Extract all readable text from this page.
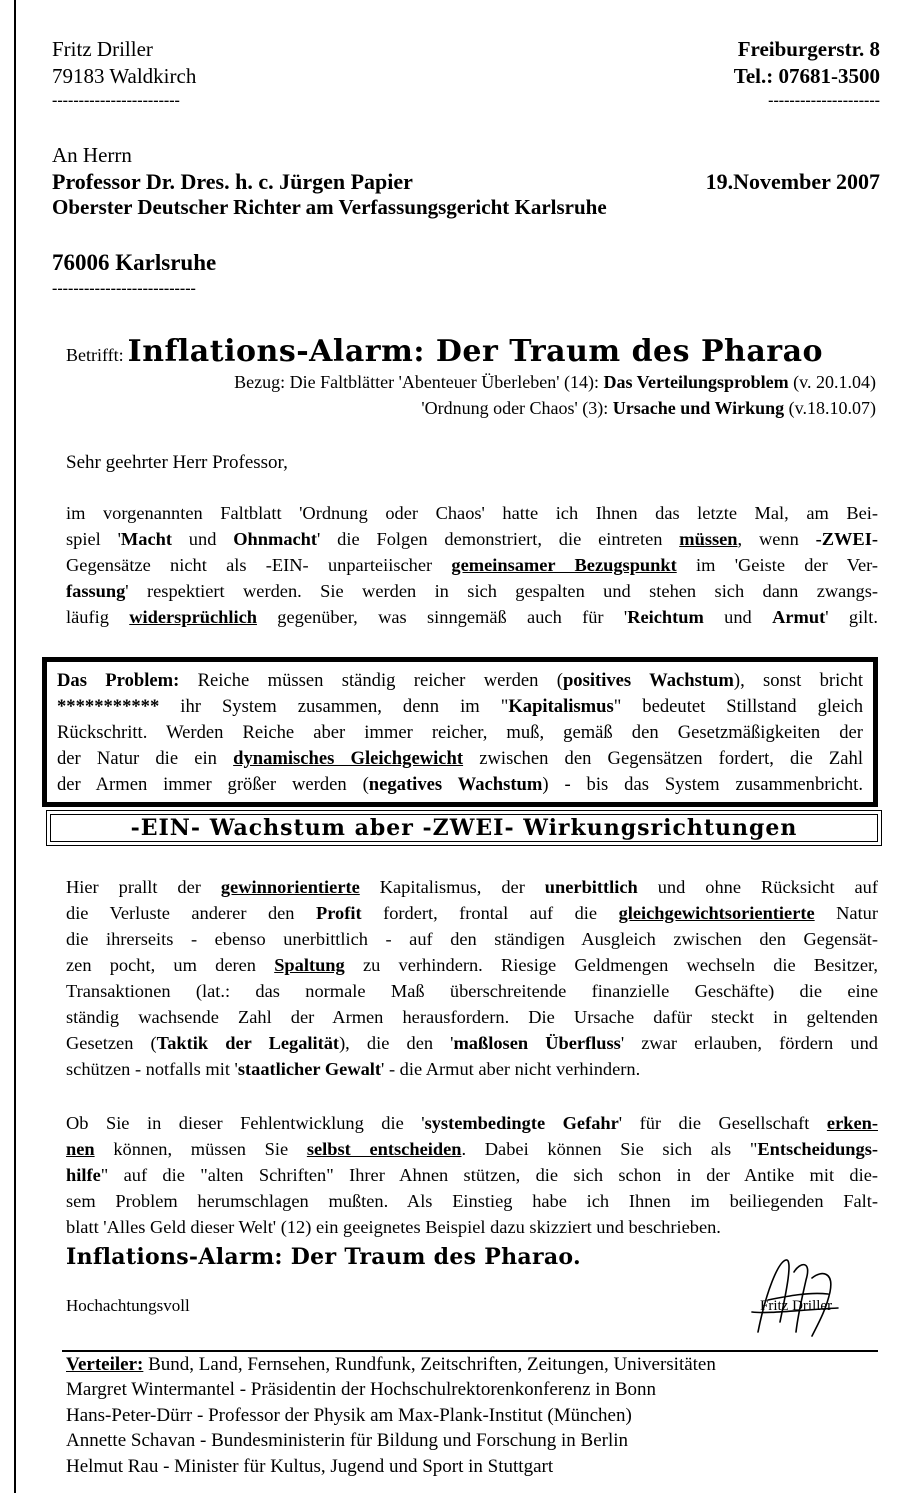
Fritz Driller
79183 Waldkirch
------------------------
Freiburgerstr. 8
Tel.: 07681-3500
---------------------
An Herrn
Professor Dr. Dres. h. c. Jürgen Papier	19.November 2007
Oberster Deutscher Richter am Verfassungsgericht Karlsruhe
76006 Karlsruhe
---------------------------
Betrifft: Inflations-Alarm: Der Traum des Pharao
Bezug: Die Faltblätter 'Abenteuer Überleben' (14): Das Verteilungsproblem (v. 20.1.04)
'Ordnung oder Chaos' (3): Ursache und Wirkung (v.18.10.07)
Sehr geehrter Herr Professor,
im vorgenannten Faltblatt 'Ordnung oder Chaos' hatte ich Ihnen das letzte Mal, am Bei-
spiel 'Macht und Ohnmacht' die Folgen demonstriert, die eintreten müssen, wenn -ZWEI-
Gegensätze nicht als -EIN- unparteiischer gemeinsamer Bezugspunkt im 'Geiste der Ver-
fassung' respektiert werden. Sie werden in sich gespalten und stehen sich dann zwangs-
läufig widersprüchlich gegenüber, was sinngemäß auch für 'Reichtum und Armut' gilt.
Das Problem: Reiche müssen ständig reicher werden (positives Wachstum), sonst bricht
*********** ihr System zusammen, denn im "Kapitalismus" bedeutet Stillstand gleich
Rückschritt. Werden Reiche aber immer reicher, muß, gemäß den Gesetzmäßigkeiten der
der Natur die ein dynamisches Gleichgewicht zwischen den Gegensätzen fordert, die Zahl
der Armen immer größer werden (negatives Wachstum) - bis das System zusammenbricht.
-EIN- Wachstum aber -ZWEI- Wirkungsrichtungen
Hier prallt der gewinnorientierte Kapitalismus, der unerbittlich und ohne Rücksicht auf
die Verluste anderer den Profit fordert, frontal auf die gleichgewichtsorientierte Natur
die ihrerseits - ebenso unerbittlich - auf den ständigen Ausgleich zwischen den Gegensät-
zen pocht, um deren Spaltung zu verhindern. Riesige Geldmengen wechseln die Besitzer,
Transaktionen (lat.: das normale Maß überschreitende finanzielle Geschäfte) die eine
ständig wachsende Zahl der Armen herausfordern. Die Ursache dafür steckt in geltenden
Gesetzen (Taktik der Legalität), die den 'maßlosen Überfluss' zwar erlauben, fördern und
schützen - notfalls mit 'staatlicher Gewalt' - die Armut aber nicht verhindern.
Ob Sie in dieser Fehlentwicklung die 'systembedingte Gefahr' für die Gesellschaft erken-
nen können, müssen Sie selbst entscheiden. Dabei können Sie sich als "Entscheidungs-
hilfe" auf die "alten Schriften" Ihrer Ahnen stützen, die sich schon in der Antike mit die-
sem Problem herumschlagen mußten. Als Einstieg habe ich Ihnen im beiliegenden Falt-
blatt 'Alles Geld dieser Welt' (12) ein geeignetes Beispiel dazu skizziert und beschrieben.
Inflations-Alarm: Der Traum des Pharao.
Hochachtungsvoll	Fritz Driller
Verteiler: Bund, Land, Fernsehen, Rundfunk, Zeitschriften, Zeitungen, Universitäten
Margret Wintermantel - Präsidentin der Hochschulrektorenkonferenz in Bonn
Hans-Peter-Dürr - Professor der Physik am Max-Plank-Institut (München)
Annette Schavan - Bundesministerin für Bildung und Forschung in Berlin
Helmut Rau - Minister für Kultus, Jugend und Sport in Stuttgart
